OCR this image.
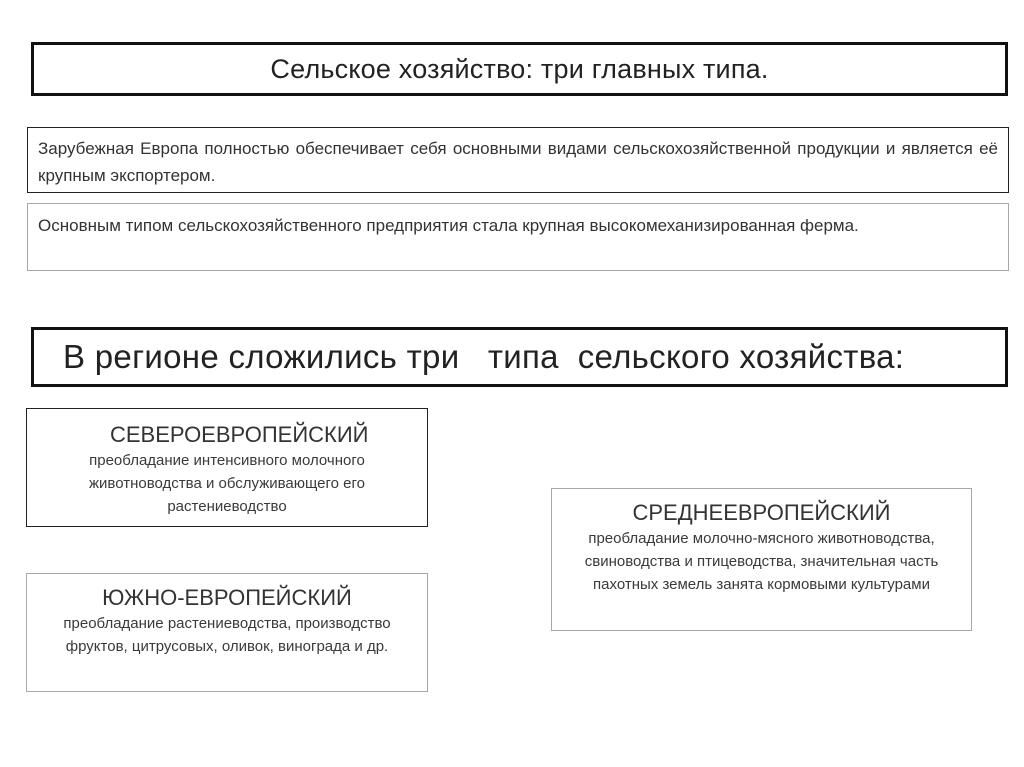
Сельское хозяйство: три главных типа.
Зарубежная Европа полностью обеспечивает себя основными видами сельскохозяйственной продукции и является её крупным экспортером.
Основным типом сельскохозяйственного предприятия стала крупная высокомеханизированная ферма.
В регионе сложились три   типа  сельского хозяйства:
СЕВЕРОЕВРОПЕЙСКИЙ
преобладание интенсивного молочного животноводства и обслуживающего его растениеводство
ЮЖНО-ЕВРОПЕЙСКИЙ
преобладание растениеводства, производство фруктов, цитрусовых, оливок, винограда и др.
СРЕДНЕЕВРОПЕЙСКИЙ
преобладание молочно-мясного животноводства, свиноводства и птицеводства, значительная часть пахотных земель занята кормовыми культурами
